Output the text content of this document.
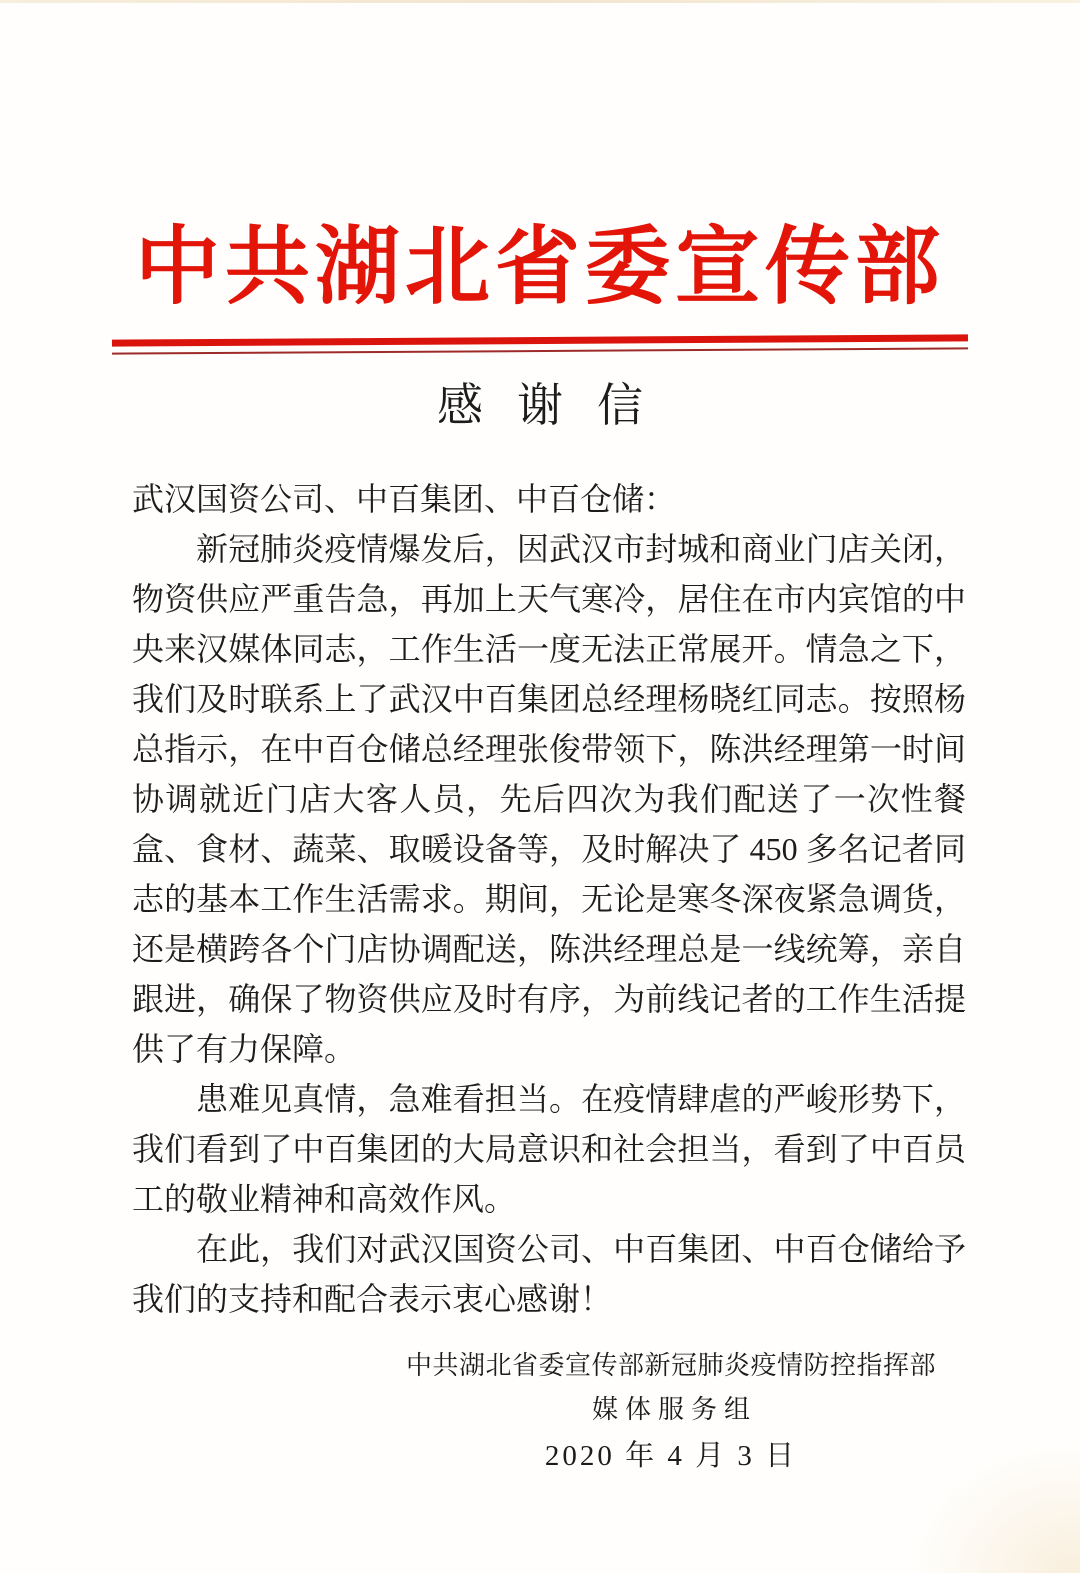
中共湖北省委宣传部
感谢信

武汉国资公司、中百集团、中百仓储：

新冠肺炎疫情爆发后，因武汉市封城和商业门店关闭，物资供应严重告急，再加上天气寒冷，居住在市内宾馆的中央来汉媒体同志，工作生活一度无法正常展开。情急之下，我们及时联系上了武汉中百集团总经理杨晓红同志。按照杨总指示，在中百仓储总经理张俊带领下，陈洪经理第一时间协调就近门店大客人员，先后四次为我们配送了一次性餐盒、食材、蔬菜、取暖设备等，及时解决了 450 多名记者同志的基本工作生活需求。期间，无论是寒冬深夜紧急调货，还是横跨各个门店协调配送，陈洪经理总是一线统筹，亲自跟进，确保了物资供应及时有序，为前线记者的工作生活提供了有力保障。

患难见真情，急难看担当。在疫情肆虐的严峻形势下，我们看到了中百集团的大局意识和社会担当，看到了中百员工的敬业精神和高效作风。

在此，我们对武汉国资公司、中百集团、中百仓储给予我们的支持和配合表示衷心感谢！

中共湖北省委宣传部新冠肺炎疫情防控指挥部
媒体服务组
2020 年 4 月 3 日
